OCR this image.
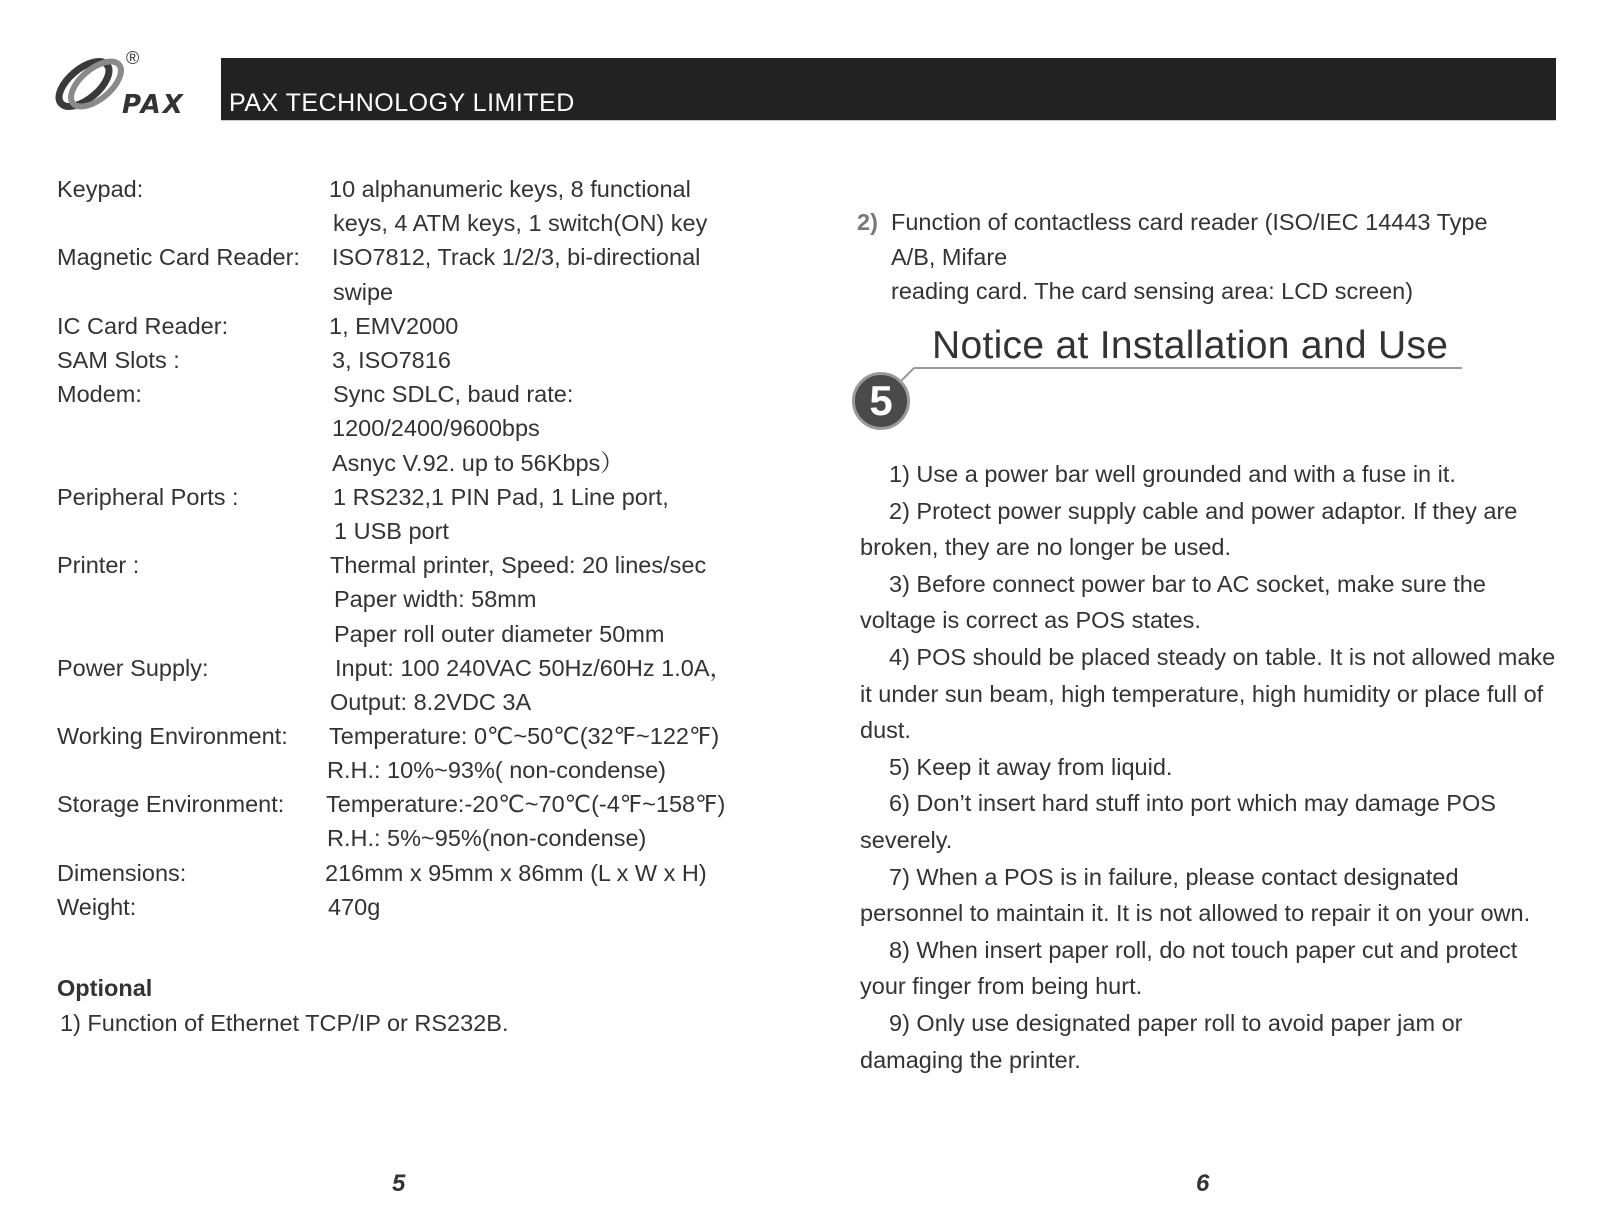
®
PAX PAX TECHNOLOGY LIMITED
Keypad:	10 alphanumeric keys, 8 functional
keys, 4 ATM keys, 1 switch(ON) key
Magnetic Card Reader: ISO7812, Track 1/2/3, bi-directional
swipe
IC Card Reader:	1, EMV2000
SAM Slots :	3, ISO7816
Modem:	Sync SDLC, baud rate:
1200/2400/9600bps
Asnyc V.92. up to 56Kbps）
Peripheral Ports :	1 RS232,1 PIN Pad, 1 Line port,
1 USB port
Printer :	Thermal printer, Speed: 20 lines/sec
Paper width: 58mm
Paper roll outer diameter 50mm
Power Supply:	Input: 100 240VAC 50Hz/60Hz 1.0A，
Output: 8.2VDC 3A
Working Environment: Temperature: 0℃~50℃(32℉~122℉)
R.H.: 10%~93%( non-condense)
Storage Environment: Temperature:-20℃~70℃(-4℉~158℉)
R.H.: 5%~95%(non-condense)
Dimensions:	216mm x 95mm x 86mm (L x W x H)
Weight:	470g
Optional
1) Function of Ethernet TCP/IP or RS232B.
2) Function of contactless card reader (ISO/IEC 14443 Type
A/B, Mifare
reading card. The card sensing area: LCD screen)
Notice at Installation and Use
5

1) Use a power bar well grounded and with a fuse in it.

2) Protect power supply cable and power adaptor. If they are broken, they are no longer be used.

3) Before connect power bar to AC socket, make sure the voltage is correct as POS states.

4) POS should be placed steady on table. It is not allowed make it under sun beam, high temperature, high humidity or place full of dust.

5) Keep it away from liquid.

6) Don’t insert hard stuff into port which may damage POS severely.

7) When a POS is in failure, please contact designated personnel to maintain it. It is not allowed to repair it on your own.

8) When insert paper roll, do not touch paper cut and protect your finger from being hurt.

9) Only use designated paper roll to avoid paper jam or damaging the printer.

5	6
